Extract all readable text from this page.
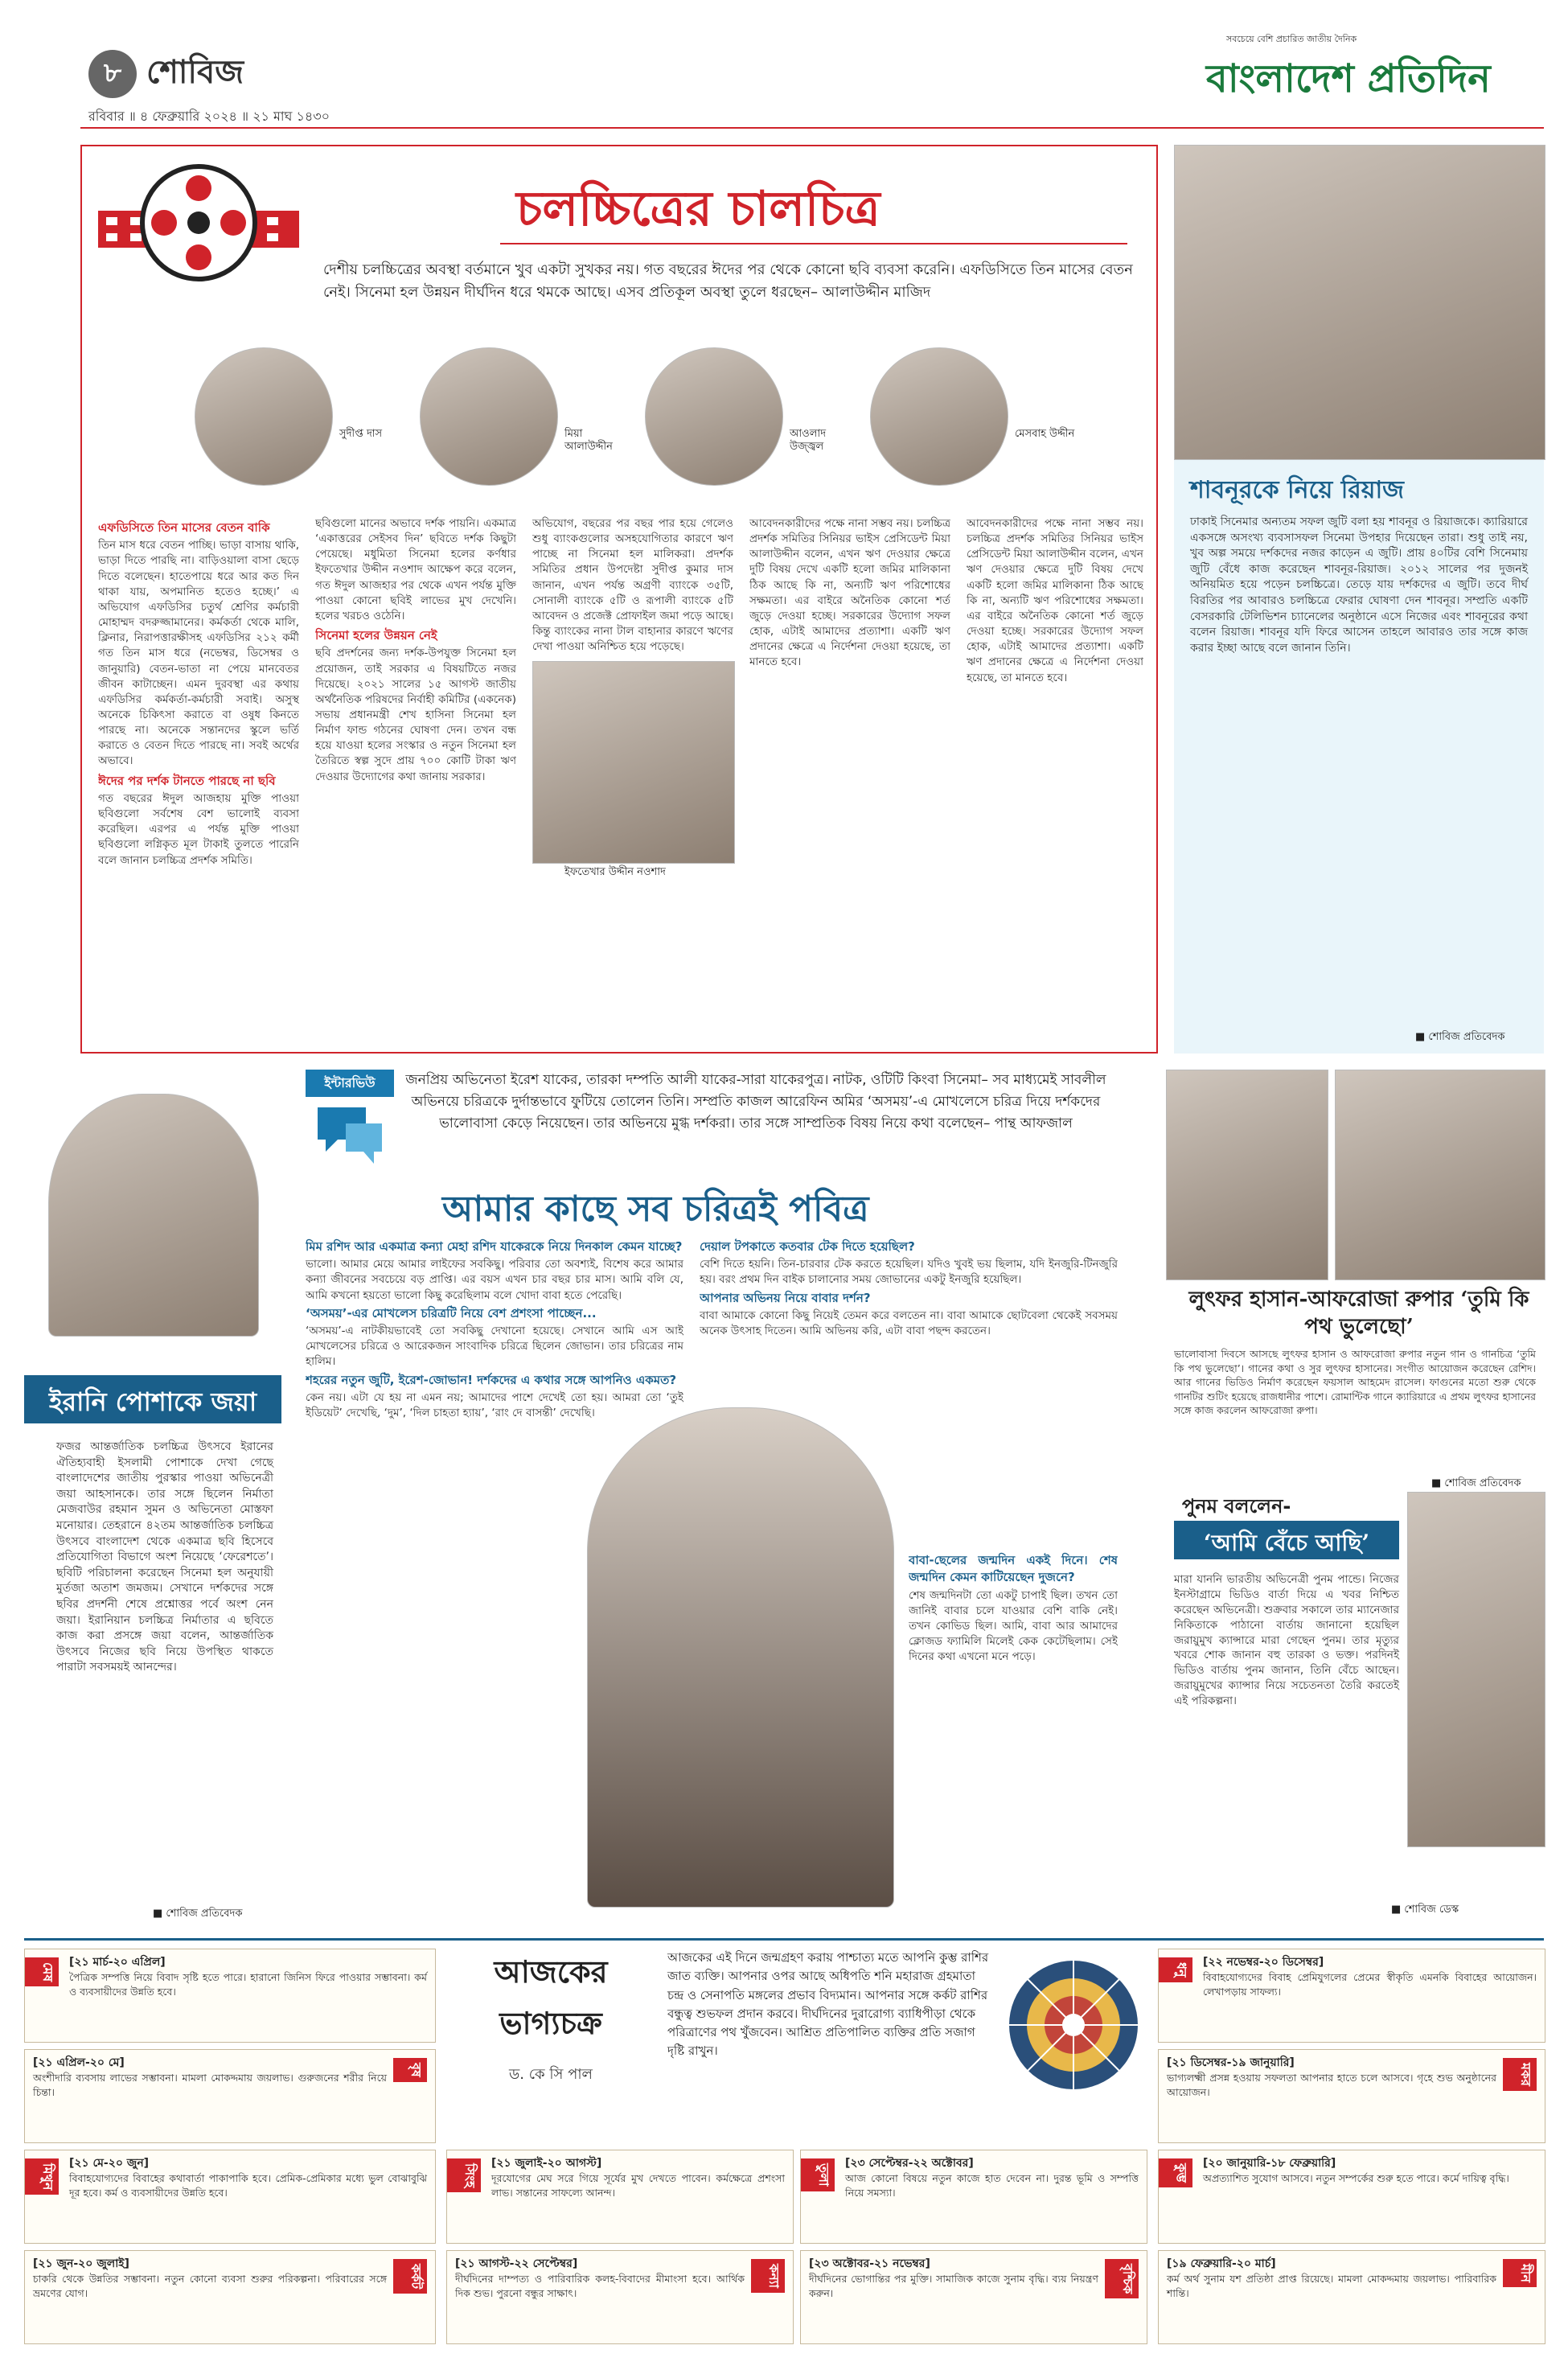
৮ শোবিজ
রবিবার ॥ ৪ ফেব্রুয়ারি ২০২৪ ॥ ২১ মাঘ ১৪৩০
সবচেয়ে বেশি প্রচারিত জাতীয় দৈনিক
বাংলাদেশ প্রতিদিন
চলচ্চিত্রের চালচিত্র
দেশীয় চলচ্চিত্রের অবস্থা বর্তমানে খুব একটা সুখকর নয়। গত বছরের ঈদের পর থেকে কোনো ছবি ব্যবসা করেনি। এফডিসিতে তিন মাসের বেতন নেই। সিনেমা হল উন্নয়ন দীর্ঘদিন ধরে থমকে আছে। এসব প্রতিকূল অবস্থা তুলে ধরছেন– আলাউদ্দীন মাজিদ
সুদীপ্ত দাস	মিয়া আলাউদ্দীন
আওলাদ উজ্জ্বল
মেসবাহ উদ্দীন
এফডিসিতে তিন মাসের বেতন বাকি

তিন মাস ধরে বেতন পাচ্ছি। ভাড়া বাসায় থাকি, ভাড়া দিতে পারছি না। বাড়িওয়ালা বাসা ছেড়ে দিতে বলেছেন। হাতেপায়ে ধরে আর কত দিন থাকা যায়, অপমানিত হতেও হচ্ছে।’ এ অভিযোগ এফডিসির চতুর্থ শ্রেণির কর্মচারী মোহাম্মদ বদরুজ্জামানের। কর্মকর্তা থেকে মালি, ক্লিনার, নিরাপত্তারক্ষীসহ এফডিসির ২১২ কর্মী গত তিন মাস ধরে (নভেম্বর, ডিসেম্বর ও জানুয়ারি) বেতন-ভাতা না পেয়ে মানবেতর জীবন কাটাচ্ছেন। এমন দুরবস্থা এর কথায় এফডিসির কর্মকর্তা-কর্মচারী সবাই। অসুস্থ অনেকে চিকিৎসা করাতে বা ওষুধ কিনতে পারছে না। অনেকে সন্তানদের স্কুলে ভর্তি করাতে ও বেতন দিতে পারছে না। সবই অর্থের অভাবে।

ঈদের পর দর্শক টানতে পারছে না ছবি

গত বছরের ঈদুল আজহায় মুক্তি পাওয়া ছবিগুলো সর্বশেষ বেশ ভালোই ব্যবসা করেছিল। এরপর এ পর্যন্ত মুক্তি পাওয়া ছবিগুলো লগ্নিকৃত মূল টাকাই তুলতে পারেনি বলে জানান চলচ্চিত্র প্রদর্শক সমিতি।

ছবিগুলো মানের অভাবে দর্শক পায়নি। একমাত্র ‘একাত্তরের সেইসব দিন’ ছবিতে দর্শক কিছুটা পেয়েছে। মধুমিতা সিনেমা হলের কর্ণধার ইফতেখার উদ্দীন নওশাদ আক্ষেপ করে বলেন, গত ঈদুল আজহার পর থেকে এখন পর্যন্ত মুক্তি পাওয়া কোনো ছবিই লাভের মুখ দেখেনি। হলের খরচও ওঠেনি।

সিনেমা হলের উন্নয়ন নেই

ছবি প্রদর্শনের জন্য দর্শক-উপযুক্ত সিনেমা হল প্রয়োজন, তাই সরকার এ বিষয়টিতে নজর দিয়েছে। ২০২১ সালের ১৫ আগস্ট জাতীয় অর্থনৈতিক পরিষদের নির্বাহী কমিটির (একনেক) সভায় প্রধানমন্ত্রী শেখ হাসিনা সিনেমা হল নির্মাণ ফান্ড গঠনের ঘোষণা দেন। তখন বন্ধ হয়ে যাওয়া হলের সংস্কার ও নতুন সিনেমা হল তৈরিতে স্বল্প সুদে প্রায় ৭০০ কোটি টাকা ঋণ দেওয়ার উদ্যোগের কথা জানায় সরকার।

অভিযোগ, বছরের পর বছর পার হয়ে গেলেও শুধু ব্যাংকগুলোর অসহযোগিতার কারণে ঋণ পাচ্ছে না সিনেমা হল মালিকরা। প্রদর্শক সমিতির প্রধান উপদেষ্টা সুদীপ্ত কুমার দাস জানান, এখন পর্যন্ত অগ্রণী ব্যাংকে ৩৫টি, সোনালী ব্যাংকে ৫টি ও রূপালী ব্যাংকে ৫টি আবেদন ও প্রজেক্ট প্রোফাইল জমা পড়ে আছে। কিন্তু ব্যাংকের নানা টাল বাহানার কারণে ঋণের দেখা পাওয়া অনিশ্চিত হয়ে পড়েছে।

ইফতেখার উদ্দীন নওশাদ

আবেদনকারীদের পক্ষে নানা সম্ভব নয়। চলচ্চিত্র প্রদর্শক সমিতির সিনিয়র ভাইস প্রেসিডেন্ট মিয়া আলাউদ্দীন বলেন, এখন ঋণ দেওয়ার ক্ষেত্রে দুটি বিষয় দেখে একটি হলো জমির মালিকানা ঠিক আছে কি না, অন্যটি ঋণ পরিশোধের সক্ষমতা। এর বাইরে অনৈতিক কোনো শর্ত জুড়ে দেওয়া হচ্ছে। সরকারের উদ্যোগ সফল হোক, এটাই আমাদের প্রত্যাশা। একটি ঋণ প্রদানের ক্ষেত্রে এ নির্দেশনা দেওয়া হয়েছে, তা মানতে হবে।

আবেদনকারীদের পক্ষে নানা সম্ভব নয়। চলচ্চিত্র প্রদর্শক সমিতির সিনিয়র ভাইস প্রেসিডেন্ট মিয়া আলাউদ্দীন বলেন, এখন ঋণ দেওয়ার ক্ষেত্রে দুটি বিষয় দেখে একটি হলো জমির মালিকানা ঠিক আছে কি না, অন্যটি ঋণ পরিশোধের সক্ষমতা। এর বাইরে অনৈতিক কোনো শর্ত জুড়ে দেওয়া হচ্ছে। সরকারের উদ্যোগ সফল হোক, এটাই আমাদের প্রত্যাশা। একটি ঋণ প্রদানের ক্ষেত্রে এ নির্দেশনা দেওয়া হয়েছে, তা মানতে হবে।

শাবনূরকে নিয়ে রিয়াজ
ঢাকাই সিনেমার অন্যতম সফল জুটি বলা হয় শাবনূর ও রিয়াজকে। ক্যারিয়ারে একসঙ্গে অসংখ্য ব্যবসাসফল সিনেমা উপহার দিয়েছেন তারা। শুধু তাই নয়, খুব অল্প সময়ে দর্শকদের নজর কাড়েন এ জুটি। প্রায় ৪০টির বেশি সিনেমায় জুটি বেঁধে কাজ করেছেন শাবনূর-রিয়াজ। ২০১২ সালের পর দুজনই অনিয়মিত হয়ে পড়েন চলচ্চিত্রে। তেড়ে যায় দর্শকদের এ জুটি। তবে দীর্ঘ বিরতির পর আবারও চলচ্চিত্রে ফেরার ঘোষণা দেন শাবনূর। সম্প্রতি একটি বেসরকারি টেলিভিশন চ্যানেলের অনুষ্ঠানে এসে নিজের এবং শাবনূরের কথা বলেন রিয়াজ। শাবনূর যদি ফিরে আসেন তাহলে আবারও তার সঙ্গে কাজ করার ইচ্ছা আছে বলে জানান তিনি।
■ শোবিজ প্রতিবেদক
ইরানি পোশাকে জয়া
ফজর আন্তর্জাতিক চলচ্চিত্র উৎসবে ইরানের ঐতিহ্যবাহী ইসলামী পোশাকে দেখা গেছে বাংলাদেশের জাতীয় পুরস্কার পাওয়া অভিনেত্রী জয়া আহসানকে। তার সঙ্গে ছিলেন নির্মাতা মেজবাউর রহমান সুমন ও অভিনেতা মোস্তফা মনোয়ার। তেহরানে ৪২তম আন্তর্জাতিক চলচ্চিত্র উৎসবে বাংলাদেশ থেকে একমাত্র ছবি হিসেবে প্রতিযোগিতা বিভাগে অংশ নিয়েছে ‘ফেরেশতে’। ছবিটি পরিচালনা করেছেন সিনেমা হল অনুযায়ী মুর্তজা অতাশ জমজম। সেখানে দর্শকদের সঙ্গে ছবির প্রদর্শনী শেষে প্রশ্নোত্তর পর্বে অংশ নেন জয়া। ইরানিয়ান চলচ্চিত্র নির্মাতার এ ছবিতে কাজ করা প্রসঙ্গে জয়া বলেন, আন্তর্জাতিক উৎসবে নিজের ছবি নিয়ে উপস্থিত থাকতে পারাটা সবসময়ই আনন্দের।
■ শোবিজ প্রতিবেদক
ইন্টারভিউ	জনপ্রিয় অভিনেতা ইরেশ যাকের, তারকা দম্পতি আলী যাকের-সারা যাকেরপুত্র। নাটক, ওটিটি কিংবা সিনেমা– সব মাধ্যমেই সাবলীল অভিনয়ে চরিত্রকে দুর্দান্তভাবে ফুটিয়ে তোলেন তিনি। সম্প্রতি কাজল আরেফিন অমির ‘অসময়’-এ মোখলেসে চরিত্র দিয়ে দর্শকদের ভালোবাসা কেড়ে নিয়েছেন। তার অভিনয়ে মুগ্ধ দর্শকরা। তার সঙ্গে সাম্প্রতিক বিষয় নিয়ে কথা বলেছেন– পান্থ আফজাল
আমার কাছে সব চরিত্রই পবিত্র

মিম রশিদ আর একমাত্র কন্যা মেহা রশিদ যাকেরকে নিয়ে দিনকাল কেমন যাচ্ছে?

ভালো। আমার মেয়ে আমার লাইফের সবকিছু। পরিবার তো অবশ্যই, বিশেষ করে আমার কন্যা জীবনের সবচেয়ে বড় প্রাপ্তি। এর বয়স এখন চার বছর চার মাস। আমি বলি যে, আমি কখনো হয়তো ভালো কিছু করেছিলাম বলে খোদা বাবা হতে পেরেছি।

‘অসময়’-এর মোখলেস চরিত্রটি নিয়ে বেশ প্রশংসা পাচ্ছেন...

‘অসময়’-এ নাটকীয়ভাবেই তো সবকিছু দেখানো হয়েছে। সেখানে আমি এস আই মোখলেসের চরিত্রে ও আরেকজন সাংবাদিক চরিত্রে ছিলেন জোভান। তার চরিত্রের নাম হালিম।

শহরের নতুন জুটি, ইরেশ-জোভান! দর্শকদের এ কথার সঙ্গে আপনিও একমত?

কেন নয়। এটা যে হয় না এমন নয়; আমাদের পাশে দেখেই তো হয়। আমরা তো ‘তুই ইডিয়েট’ দেখেছি, ‘দুম’, ‘দিল চাহতা হ্যায়’, ‘রাং দে বাসন্তী’ দেখেছি।

দেয়াল টপকাতে কতবার টেক দিতে হয়েছিল?

বেশি দিতে হয়নি। তিন-চারবার টেক করতে হয়েছিল। যদিও খুবই ভয় ছিলাম, যদি ইনজুরি-টিনজুরি হয়। বরং প্রথম দিন বাইক চালানোর সময় জোভানের একটু ইনজুরি হয়েছিল।

আপনার অভিনয় নিয়ে বাবার দর্শন?

বাবা আমাকে কোনো কিছু নিয়েই তেমন করে বলতেন না। বাবা আমাকে ছোটবেলা থেকেই সবসময় অনেক উৎসাহ দিতেন। আমি অভিনয় করি, এটা বাবা পছন্দ করতেন।

বাবা-ছেলের জন্মদিন একই দিনে। শেষ জন্মদিন কেমন কাটিয়েছেন দুজনে?

শেষ জন্মদিনটা তো একটু চাপাই ছিল। তখন তো জানিই বাবার চলে যাওয়ার বেশি বাকি নেই। তখন কোভিড ছিল। আমি, বাবা আর আমাদের ক্লোজড ফ্যামিলি মিলেই কেক কেটেছিলাম। সেই দিনের কথা এখনো মনে পড়ে।

লুৎফর হাসান-আফরোজা রুপার ‘তুমি কি পথ ভুলেছো’
ভালোবাসা দিবসে আসছে লুৎফর হাসান ও আফরোজা রুপার নতুন গান ও গানচিত্র ‘তুমি কি পথ ভুলেছো’। গানের কথা ও সুর লুৎফর হাসানের। সংগীত আয়োজন করেছেন রেশিদ। আর গানের ভিডিও নির্মাণ করেছেন ফয়সাল আহমেদ রাসেল। ফাগুনের মতো শুরু থেকে গানটির শুটিং হয়েছে রাজধানীর পাশে। রোমান্টিক গানে ক্যারিয়ারে এ প্রথম লুৎফর হাসানের সঙ্গে কাজ করলেন আফরোজা রুপা।
■ শোবিজ প্রতিবেদক
পুনম বললেন-
‘আমি বেঁচে আছি’
মারা যাননি ভারতীয় অভিনেত্রী পুনম পান্ডে। নিজের ইনস্টাগ্রামে ভিডিও বার্তা দিয়ে এ খবর নিশ্চিত করেছেন অভিনেত্রী। শুক্রবার সকালে তার ম্যানেজার নিকিতাকে পাঠানো বার্তায় জানানো হয়েছিল জরায়ুমুখ ক্যান্সারে মারা গেছেন পুনম। তার মৃত্যুর খবরে শোক জানান বহু তারকা ও ভক্ত। পরদিনই ভিডিও বার্তায় পুনম জানান, তিনি বেঁচে আছেন। জরায়ুমুখের ক্যান্সার নিয়ে সচেতনতা তৈরি করতেই এই পরিকল্পনা।
■ শোবিজ ডেস্ক
আজকের
ভাগ্যচক্র
ড. কে সি পাল
আজকের এই দিনে জন্মগ্রহণ করায় পাশ্চাত্য মতে আপনি কুম্ভ রাশির জাত ব্যক্তি। আপনার ওপর আছে অধিপতি শনি মহারাজ গ্রহমাতা চন্দ্র ও সেনাপতি মঙ্গলের প্রভাব বিদ্যমান। আপনার সঙ্গে কর্কট রাশির বন্ধুত্ব শুভফল প্রদান করবে। দীর্ঘদিনের দুরারোগ্য ব্যাধিপীড়া থেকে পরিত্রাণের পথ খুঁজবেন। আশ্রিত প্রতিপালিত ব্যক্তির প্রতি সজাগ দৃষ্টি রাখুন।
মেষ [২১ মার্চ-২০ এপ্রিল]
পৈত্রিক সম্পত্তি নিয়ে বিবাদ সৃষ্টি হতে পারে। হারানো জিনিস ফিরে পাওয়ার সম্ভাবনা। কর্ম ও ব্যবসায়ীদের উন্নতি হবে।
বৃষ
[২১ এপ্রিল-২০ মে]
অংশীদারি ব্যবসায় লাভের সম্ভাবনা। মামলা মোকদ্দমায় জয়লাভ। গুরুজনের শরীর নিয়ে চিন্তা।
মিথুন [২১ মে-২০ জুন]
বিবাহযোগ্যদের বিবাহের কথাবার্তা পাকাপাকি হবে। প্রেমিক-প্রেমিকার মধ্যে ভুল বোঝাবুঝি দূর হবে। কর্ম ও ব্যবসায়ীদের উন্নতি হবে।
কর্কট
[২১ জুন-২০ জুলাই]
চাকরি থেকে উন্নতির সম্ভাবনা। নতুন কোনো ব্যবসা শুরুর পরিকল্পনা। পরিবারের সঙ্গে ভ্রমণের যোগ।
সিংহ [২১ জুলাই-২০ আগস্ট]
দূরযোগের মেঘ সরে গিয়ে সূর্যের মুখ দেখতে পাবেন। কর্মক্ষেত্রে প্রশংসা লাভ। সন্তানের সাফল্যে আনন্দ।
কন্যা
[২১ আগস্ট-২২ সেপ্টেম্বর]
দীর্ঘদিনের দাম্পত্য ও পারিবারিক কলহ-বিবাদের মীমাংসা হবে। আর্থিক দিক শুভ। পুরনো বন্ধুর সাক্ষাৎ।
তুলা [২৩ সেপ্টেম্বর-২২ অক্টোবর]
আজ কোনো বিষয়ে নতুন কাজে হাত দেবেন না। দুরন্ত ভূমি ও সম্পত্তি নিয়ে সমস্যা।
বৃশ্চিক
[২৩ অক্টোবর-২১ নভেম্বর]
দীর্ঘদিনের ভোগান্তির পর মুক্তি। সামাজিক কাজে সুনাম বৃদ্ধি। ব্যয় নিয়ন্ত্রণ করুন।
ধনু [২২ নভেম্বর-২০ ডিসেম্বর]
বিবাহযোগ্যদের বিবাহ প্রেমিযুগলের প্রেমের স্বীকৃতি এমনকি বিবাহের আয়োজন। লেখাপড়ায় সাফল্য।
মকর
[২১ ডিসেম্বর-১৯ জানুয়ারি]
ভাগ্যলক্ষ্মী প্রসন্ন হওয়ায় সফলতা আপনার হাতে চলে আসবে। গৃহে শুভ অনুষ্ঠানের আয়োজন।
কুম্ভ [২০ জানুয়ারি-১৮ ফেব্রুয়ারি]
অপ্রত্যাশিত সুযোগ আসবে। নতুন সম্পর্কের শুরু হতে পারে। কর্মে দায়িত্ব বৃদ্ধি।
মীন
[১৯ ফেব্রুয়ারি-২০ মার্চ]
কর্ম অর্থ সুনাম যশ প্রতিষ্ঠা প্রাপ্ত রিয়েছে। মামলা মোকদ্দমায় জয়লাভ। পারিবারিক শান্তি।
